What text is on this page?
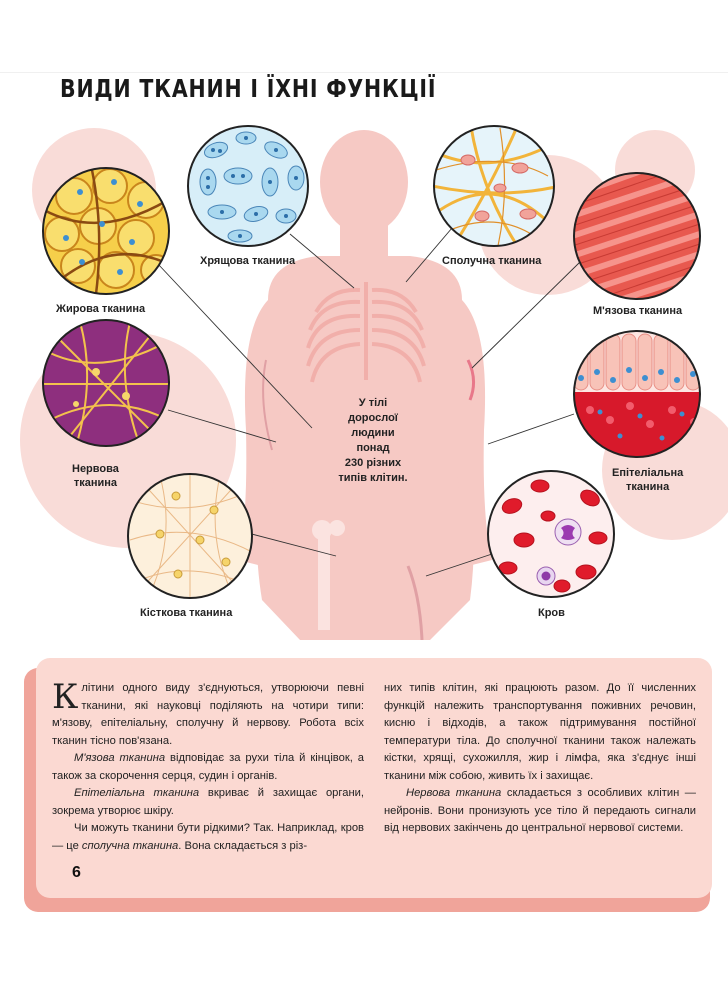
ВИДИ ТКАНИН І ЇХНІ ФУНКЦІЇ
Хрящова тканина	Сполучна тканина
Жирова тканина	М'язова тканина
Нервова
тканина
Епітеліальна
тканина
Кісткова тканина	Кров
У тілі
дорослої
людини
понад
230 різних
типів клітин.

Клітини одного виду з'єднуються, утворюючи певні тканини, які науковці поділяють на чотири типи: м'язову, епітеліальну, сполучну й нервову. Робота всіх тканин тісно пов'язана.

М'язова тканина відповідає за рухи тіла й кінцівок, а також за скорочення серця, судин і органів.

Епітеліальна тканина вкриває й захищає органи, зокрема утворює шкіру.

Чи можуть тканини бути рідкими? Так. Наприклад, кров — це сполучна тканина. Вона складається з різ-

них типів клітин, які працюють разом. До її численних функцій належить транспортування поживних речовин, кисню і відходів, а також підтримування постійної температури тіла. До сполучної тканини також належать кістки, хрящі, сухожилля, жир і лімфа, яка з'єднує інші тканини між собою, живить їх і захищає.

Нервова тканина складається з особливих клітин — нейронів. Вони пронизують усе тіло й передають сигнали від нервових закінчень до центральної нервової системи.

6
